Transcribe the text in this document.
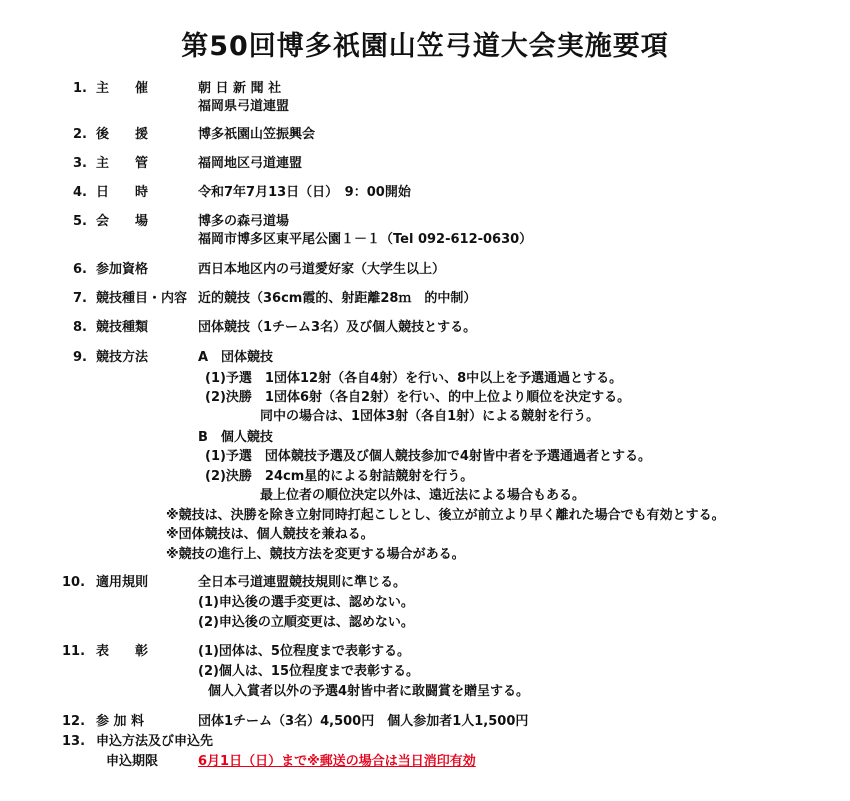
第50回博多祇園山笠弓道大会実施要項
1. 主　　催	朝 日 新 聞 社
福岡県弓道連盟
2. 後　　援	博多祇園山笠振興会
3. 主　　管	福岡地区弓道連盟
4. 日　　時	令和7年7月13日（日）　9：00開始
5. 会　　場	博多の森弓道場
福岡市博多区東平尾公園１－１（Tel 092-612-0630）
6. 参加資格	西日本地区内の弓道愛好家（大学生以上）
7. 競技種目・内容 近的競技（36cm霞的、射距離28ｍ　的中制）
8. 競技種類	団体競技（1チーム3名）及び個人競技とする。
9. 競技方法	A　団体競技
(1)予選　1団体12射（各自4射）を行い、8中以上を予選通過とする。
(2)決勝　1団体6射（各自2射）を行い、的中上位より順位を決定する。
同中の場合は、1団体3射（各自1射）による競射を行う。
B　個人競技
(1)予選　団体競技予選及び個人競技参加で4射皆中者を予選通過者とする。
(2)決勝　24cm星的による射詰競射を行う。
最上位者の順位決定以外は、遠近法による場合もある。
※競技は、決勝を除き立射同時打起こしとし、後立が前立より早く離れた場合でも有効とする。
※団体競技は、個人競技を兼ねる。
※競技の進行上、競技方法を変更する場合がある。
10. 適用規則	全日本弓道連盟競技規則に準じる。
(1)申込後の選手変更は、認めない。
(2)申込後の立順変更は、認めない。
11. 表　　彰	(1)団体は、5位程度まで表彰する。
(2)個人は、15位程度まで表彰する。
個人入賞者以外の予選4射皆中者に敢闘賞を贈呈する。
12. 参 加 料	団体1チーム（3名）4,500円　個人参加者1人1,500円
13. 申込方法及び申込先
申込期限	6月1日（日）まで※郵送の場合は当日消印有効
